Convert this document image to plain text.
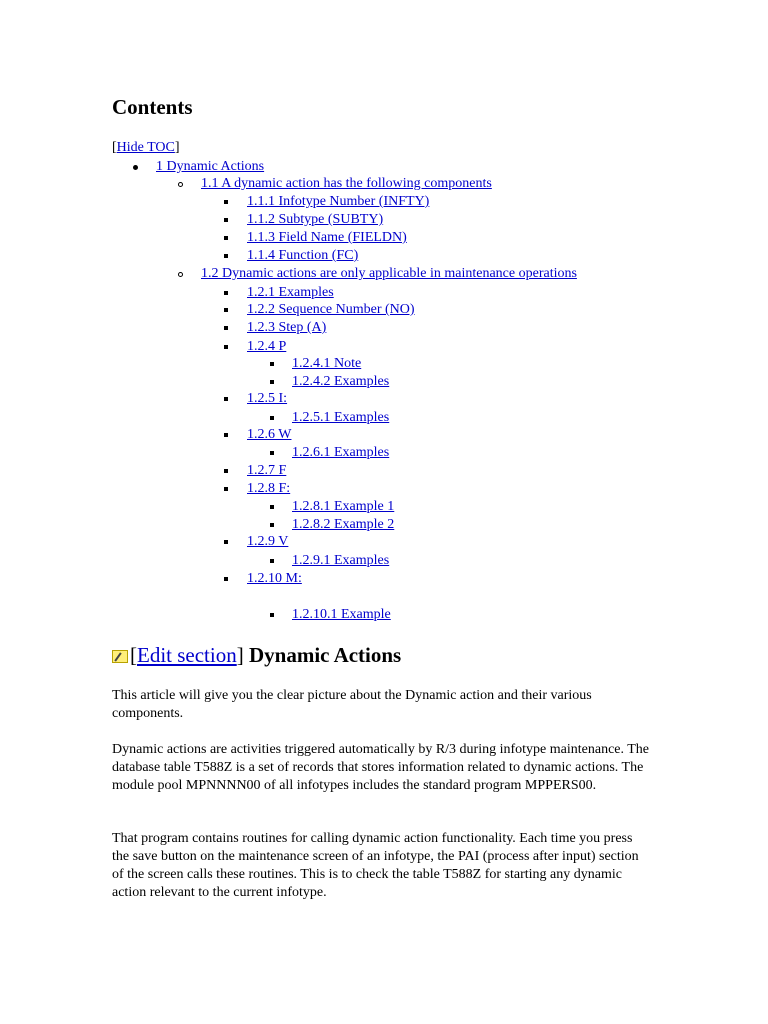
Contents
[Hide TOC]
1 Dynamic Actions
1.1 A dynamic action has the following components
1.1.1 Infotype Number (INFTY)
1.1.2 Subtype (SUBTY)
1.1.3 Field Name (FIELDN)
1.1.4 Function (FC)
1.2 Dynamic actions are only applicable in maintenance operations
1.2.1 Examples
1.2.2 Sequence Number (NO)
1.2.3 Step (A)
1.2.4 P
1.2.4.1 Note
1.2.4.2 Examples
1.2.5 I:
1.2.5.1 Examples
1.2.6 W
1.2.6.1 Examples
1.2.7 F
1.2.8 F:
1.2.8.1 Example 1
1.2.8.2 Example 2
1.2.9 V
1.2.9.1 Examples
1.2.10 M:
1.2.10.1 Example
[Edit section] Dynamic Actions

This article will give you the clear picture about the Dynamic action and their various components.

Dynamic actions are activities triggered automatically by R/3 during infotype maintenance. The database table T588Z is a set of records that stores information related to dynamic actions. The module pool MPNNNN00 of all infotypes includes the standard program MPPERS00.

That program contains routines for calling dynamic action functionality. Each time you press the save button on the maintenance screen of an infotype, the PAI (process after input) section of the screen calls these routines. This is to check the table T588Z for starting any dynamic action relevant to the current infotype.
